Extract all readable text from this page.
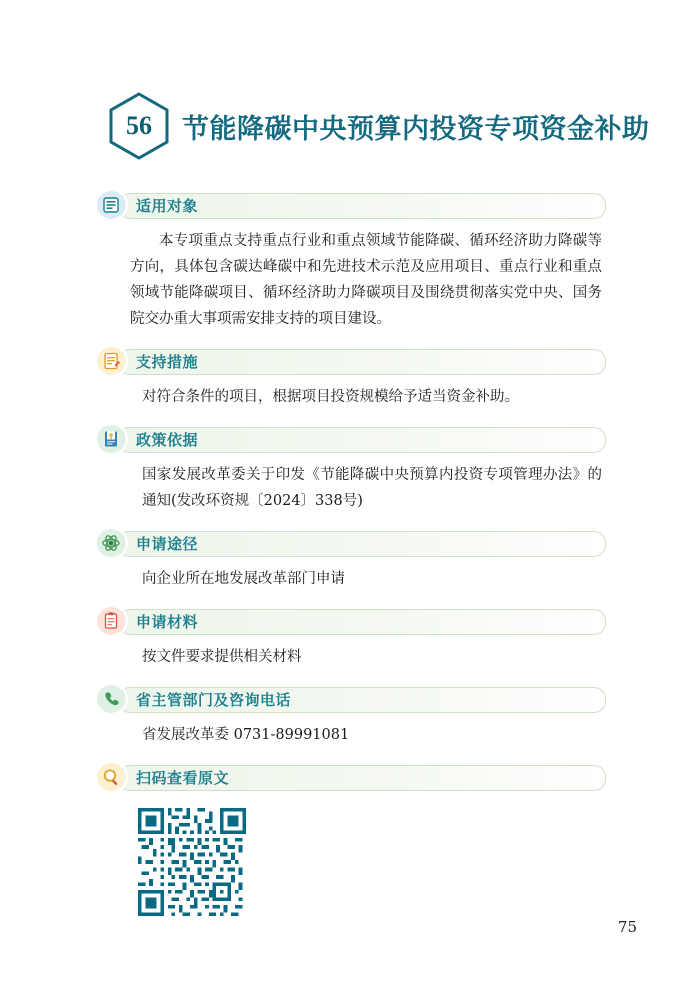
56 节能降碳中央预算内投资专项资金补助
适用对象
本专项重点支持重点行业和重点领域节能降碳、循环经济助力降碳等方向，具体包含碳达峰碳中和先进技术示范及应用项目、重点行业和重点领域节能降碳项目、循环经济助力降碳项目及围绕贯彻落实党中央、国务院交办重大事项需安排支持的项目建设。
支持措施
对符合条件的项目，根据项目投资规模给予适当资金补助。
政策依据
国家发展改革委关于印发《节能降碳中央预算内投资专项管理办法》的通知(发改环资规〔2024〕338号)
申请途径
向企业所在地发展改革部门申请
申请材料
按文件要求提供相关材料
省主管部门及咨询电话
省发展改革委 0731-89991081
扫码查看原文
75
